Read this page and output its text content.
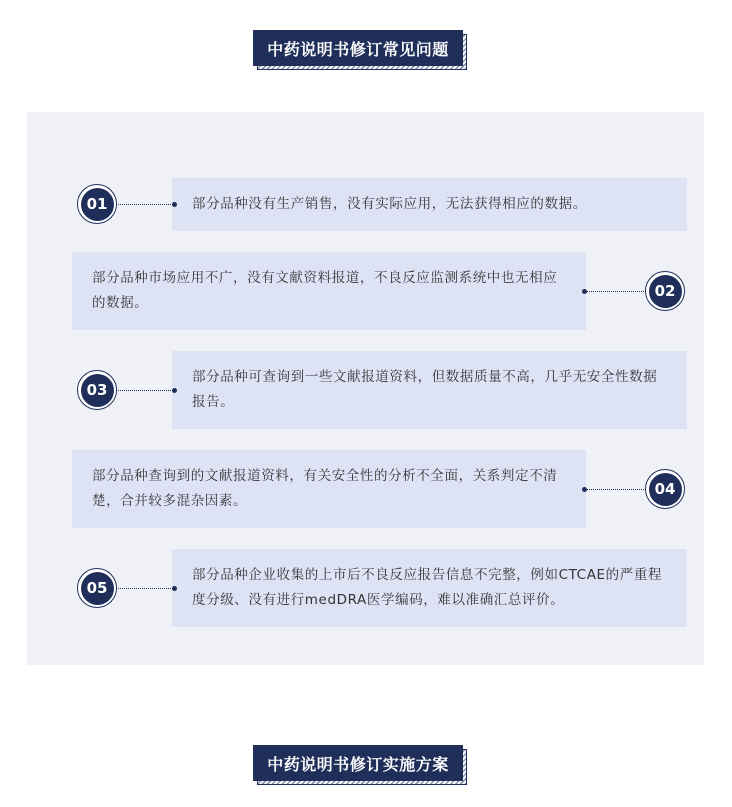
中药说明书修订常见问题
部分品种没有生产销售，没有实际应用，无法获得相应的数据。
01
部分品种市场应用不广，没有文献资料报道，不良反应监测系统中也无相应的数据。
02
部分品种可查询到一些文献报道资料，但数据质量不高，几乎无安全性数据报告。
03
部分品种查询到的文献报道资料，有关安全性的分析不全面，关系判定不清楚，合并较多混杂因素。
04
部分品种企业收集的上市后不良反应报告信息不完整，例如CTCAE的严重程度分级、没有进行medDRA医学编码，难以准确汇总评价。
05
中药说明书修订实施方案
